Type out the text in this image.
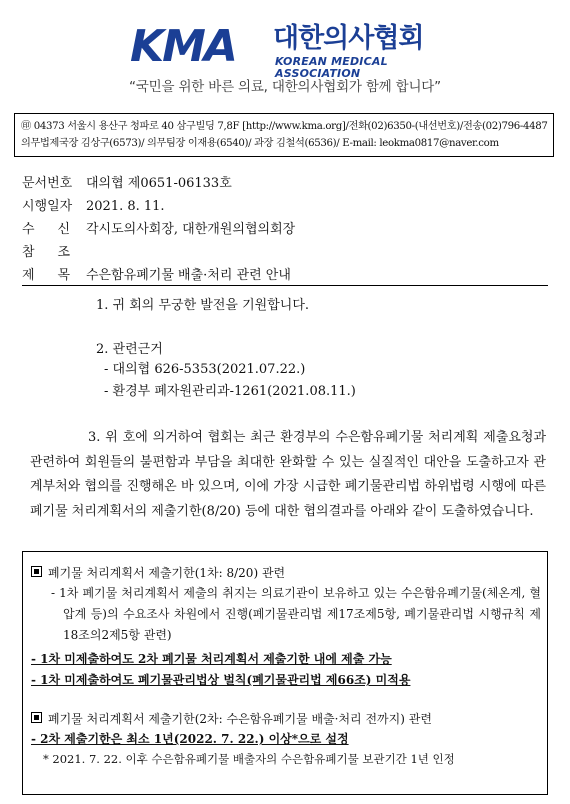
KMA 대한의사협회
KOREAN MEDICAL ASSOCIATION
“국민을 위한 바른 의료, 대한의사협회가 함께 합니다”
㊞ 04373 서울시 용산구 청파로 40 삼구빌딩 7,8F [http://www.kma.org]/전화(02)6350-(내선번호)/전송(02)796-4487
의무법제국장 김상구(6573)/ 의무팀장 이재용(6540)/ 과장 김철석(6536)/ E-mail: leokma0817@naver.com
문서번호	대의협 제0651-06133호
시행일자	2021. 8. 11.
수 신 각시도의사회장, 대한개원의협의회장
참 조
제 목 수은함유폐기물 배출·처리 관련 안내
1. 귀 회의 무궁한 발전을 기원합니다.
2. 관련근거
- 대의협 626-5353(2021.07.22.)
- 환경부 폐자원관리과-1261(2021.08.11.)
3. 위 호에 의거하여 협회는 최근 환경부의 수은함유폐기물 처리계획 제출요청과 관련하여 회원들의 불편함과 부담을 최대한 완화할 수 있는 실질적인 대안을 도출하고자 관계부처와 협의를 진행해온 바 있으며, 이에 가장 시급한 폐기물관리법 하위법령 시행에 따른 폐기물 처리계획서의 제출기한(8/20) 등에 대한 협의결과를 아래와 같이 도출하였습니다.
폐기물 처리계획서 제출기한(1차: 8/20) 관련
- 1차 폐기물 처리계획서 제출의 취지는 의료기관이 보유하고 있는 수은함유폐기물(체온계, 혈압계 등)의 수요조사 차원에서 진행(폐기물관리법 제17조제5항, 폐기물관리법 시행규칙 제18조의2제5항 관련)
- 1차 미제출하여도 2차 폐기물 처리계획서 제출기한 내에 제출 가능
- 1차 미제출하여도 폐기물관리법상 벌칙(폐기물관리법 제66조) 미적용
폐기물 처리계획서 제출기한(2차: 수은함유폐기물 배출·처리 전까지) 관련
- 2차 제출기한은 최소 1년(2022. 7. 22.) 이상*으로 설정
* 2021. 7. 22. 이후 수은함유폐기물 배출자의 수은함유폐기물 보관기간 1년 인정
